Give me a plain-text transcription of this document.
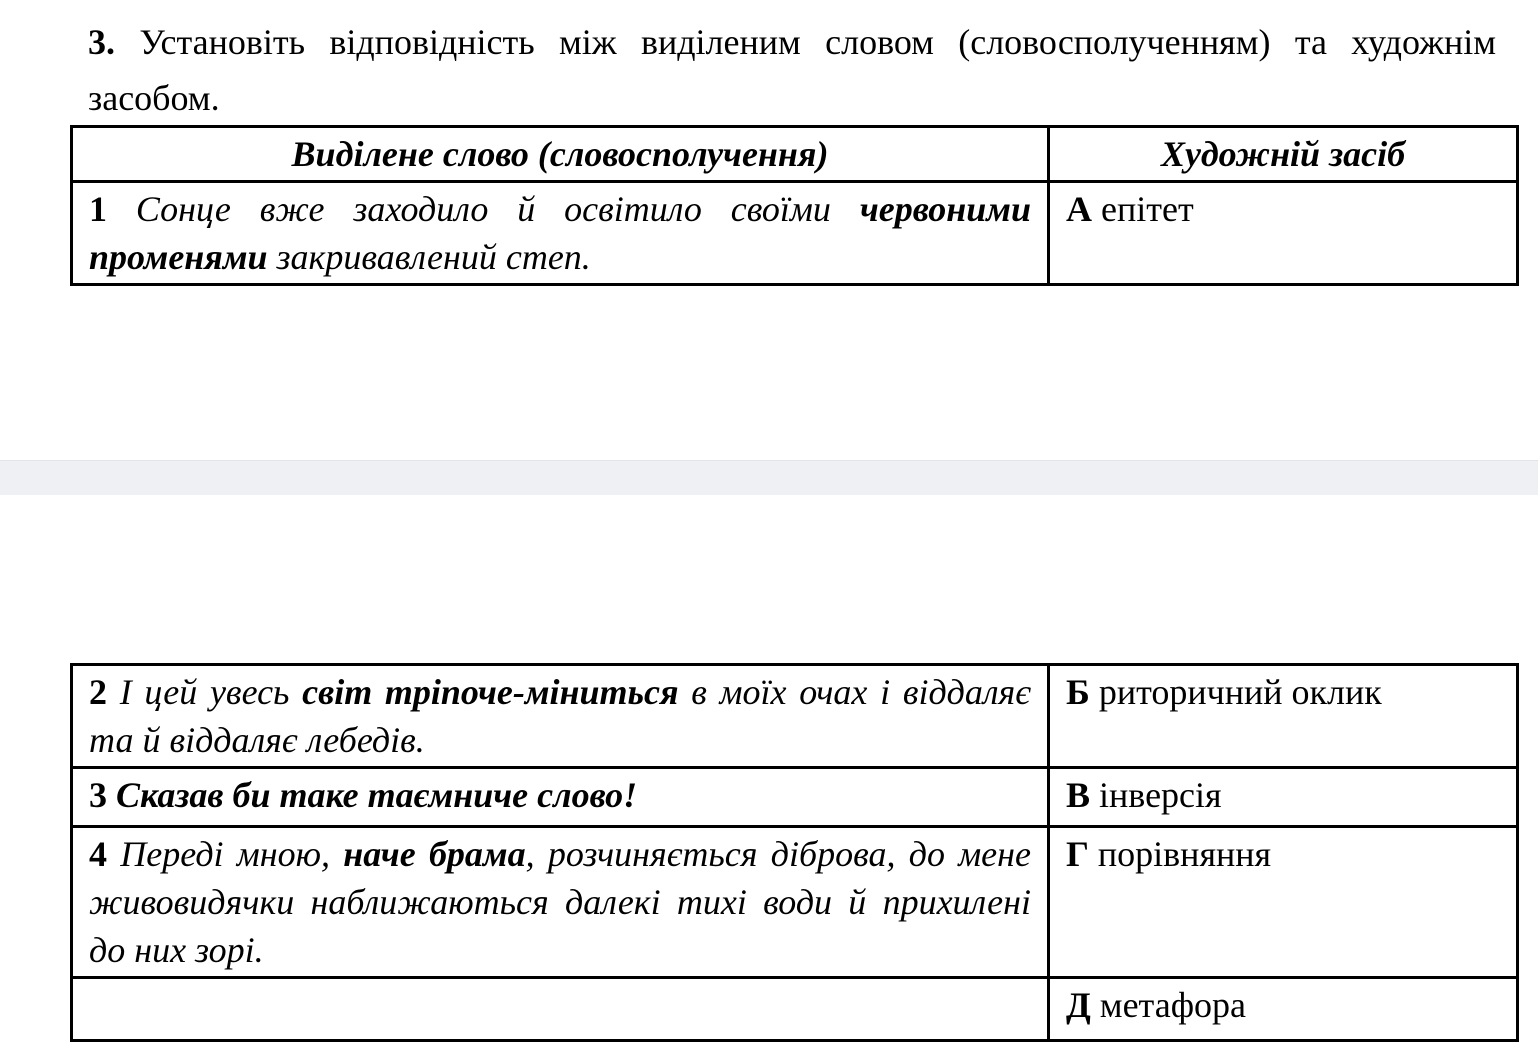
3. Установіть відповідність між виділеним словом (словосполученням) та художнім засобом.
Виділене слово (словосполучення)	Художній засіб
1 Сонце вже заходило й освітило своїми червоними променями закривавлений степ.	А епітет
2 І цей увесь світ тріпоче-міниться в моїх очах і віддаляє та й віддаляє лебедів.	Б риторичний оклик
3 Сказав би таке таємниче слово!	В інверсія
4 Переді мною, наче брама, розчиняється діброва, до мене живовидячки наближаються далекі тихі води й прихилені до них зорі.	Г порівняння
	Д метафора
